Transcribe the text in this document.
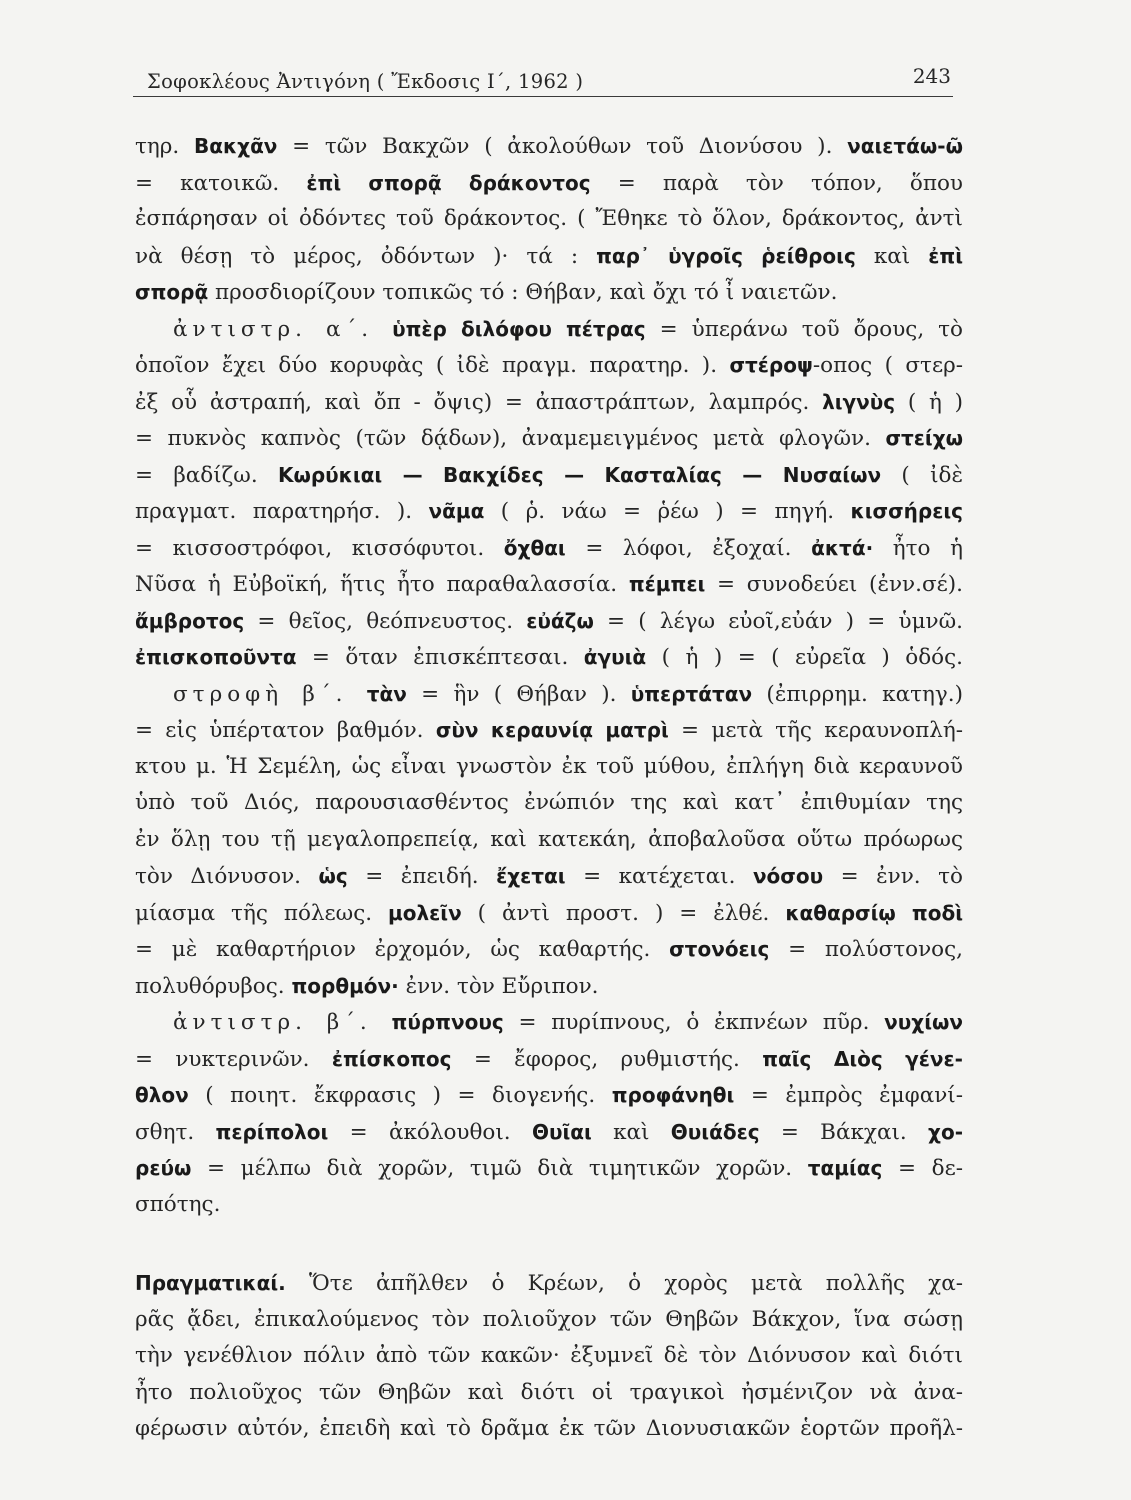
Σοφοκλέους Ἀντιγόνη ( Ἔκδοσις Ι΄, 1962 )	243
τηρ. Βακχᾶν = τῶν Βακχῶν ( ἀκολούθων τοῦ Διονύσου ). ναιετάω-ῶ
= κατοικῶ. ἐπὶ σπορᾷ δράκοντος = παρὰ τὸν τόπον, ὅπου
ἐσπάρησαν οἱ ὀδόντες τοῦ δράκοντος. ( Ἔθηκε τὸ ὅλον, δράκοντος, ἀντὶ
νὰ θέσῃ τὸ μέρος, ὀδόντων )· τά : παρ᾽ ὑγροῖς ῥείθροις καὶ ἐπὶ
σπορᾷ προσδιορίζουν τοπικῶς τό : Θήβαν, καὶ ὄχι τό ἶ ναιετῶν.
ἀντιστρ. α΄. ὑπὲρ διλόφου πέτρας = ὑπεράνω τοῦ ὄρους, τὸ
ὁποῖον ἔχει δύο κορυφὰς ( ἰδὲ πραγμ. παρατηρ. ). στέροψ-οπος ( στερ-
ἐξ οὗ ἀστραπή, καὶ ὄπ - ὄψις) = ἀπαστράπτων, λαμπρός. λιγνὺς ( ἡ )
= πυκνὸς καπνὸς (τῶν δᾴδων), ἀναμεμειγμένος μετὰ φλογῶν. στείχω
= βαδίζω. Κωρύκιαι — Βακχίδες — Κασταλίας — Νυσαίων ( ἰδὲ
πραγματ. παρατηρήσ. ). νᾶμα ( ῥ. νάω = ῥέω ) = πηγή. κισσήρεις
= κισσοστρόφοι, κισσόφυτοι. ὄχθαι = λόφοι, ἐξοχαί. ἀκτά· ἦτο ἡ
Νῦσα ἡ Εὐβοϊκή, ἥτις ἦτο παραθαλασσία. πέμπει = συνοδεύει (ἐνν.σέ).
ἄμβροτος = θεῖος, θεόπνευστος. εὐάζω = ( λέγω εὐοῖ,εὐάν ) = ὑμνῶ.
ἐπισκοποῦντα = ὅταν ἐπισκέπτεσαι. ἀγυιὰ ( ἡ ) = ( εὐρεῖα ) ὁδός.
στροφὴ β΄. τὰν = ἣν ( Θήβαν ). ὑπερτάταν (ἐπιρρημ. κατηγ.)
= εἰς ὑπέρτατον βαθμόν. σὺν κεραυνίᾳ ματρὶ = μετὰ τῆς κεραυνοπλή-
κτου μ. Ἡ Σεμέλη, ὡς εἶναι γνωστὸν ἐκ τοῦ μύθου, ἐπλήγη διὰ κεραυνοῦ
ὑπὸ τοῦ Διός, παρουσιασθέντος ἐνώπιόν της καὶ κατ᾽ ἐπιθυμίαν της
ἐν ὅλῃ του τῇ μεγαλοπρεπείᾳ, καὶ κατεκάη, ἀποβαλοῦσα οὕτω πρόωρως
τὸν Διόνυσον. ὡς = ἐπειδή. ἔχεται = κατέχεται. νόσου = ἐνν. τὸ
μίασμα τῆς πόλεως. μολεῖν ( ἀντὶ προστ. ) = ἐλθέ. καθαρσίῳ ποδὶ
= μὲ καθαρτήριον ἐρχομόν, ὡς καθαρτής. στονόεις = πολύστονος,
πολυθόρυβος. πορθμόν· ἐνν. τὸν Εὔριπον.
ἀντιστρ. β΄. πύρπνους = πυρίπνους, ὁ ἐκπνέων πῦρ. νυχίων
= νυκτερινῶν. ἐπίσκοπος = ἔφορος, ρυθμιστής. παῖς Διὸς γένε-
θλον ( ποιητ. ἔκφρασις ) = διογενής. προφάνηθι = ἐμπρὸς ἐμφανί-
σθητ. περίπολοι = ἀκόλουθοι. Θυῖαι καὶ Θυιάδες = Βάκχαι. χο-
ρεύω = μέλπω διὰ χορῶν, τιμῶ διὰ τιμητικῶν χορῶν. ταμίας = δε-
σπότης.
Πραγματικαί. Ὅτε ἀπῆλθεν ὁ Κρέων, ὁ χορὸς μετὰ πολλῆς χα-
ρᾶς ᾄδει, ἐπικαλούμενος τὸν πολιοῦχον τῶν Θηβῶν Βάκχον, ἵνα σώσῃ
τὴν γενέθλιον πόλιν ἀπὸ τῶν κακῶν· ἐξυμνεῖ δὲ τὸν Διόνυσον καὶ διότι
ἦτο πολιοῦχος τῶν Θηβῶν καὶ διότι οἱ τραγικοὶ ἠσμένιζον νὰ ἀνα-
φέρωσιν αὐτόν, ἐπειδὴ καὶ τὸ δρᾶμα ἐκ τῶν Διονυσιακῶν ἑορτῶν προῆλ-
